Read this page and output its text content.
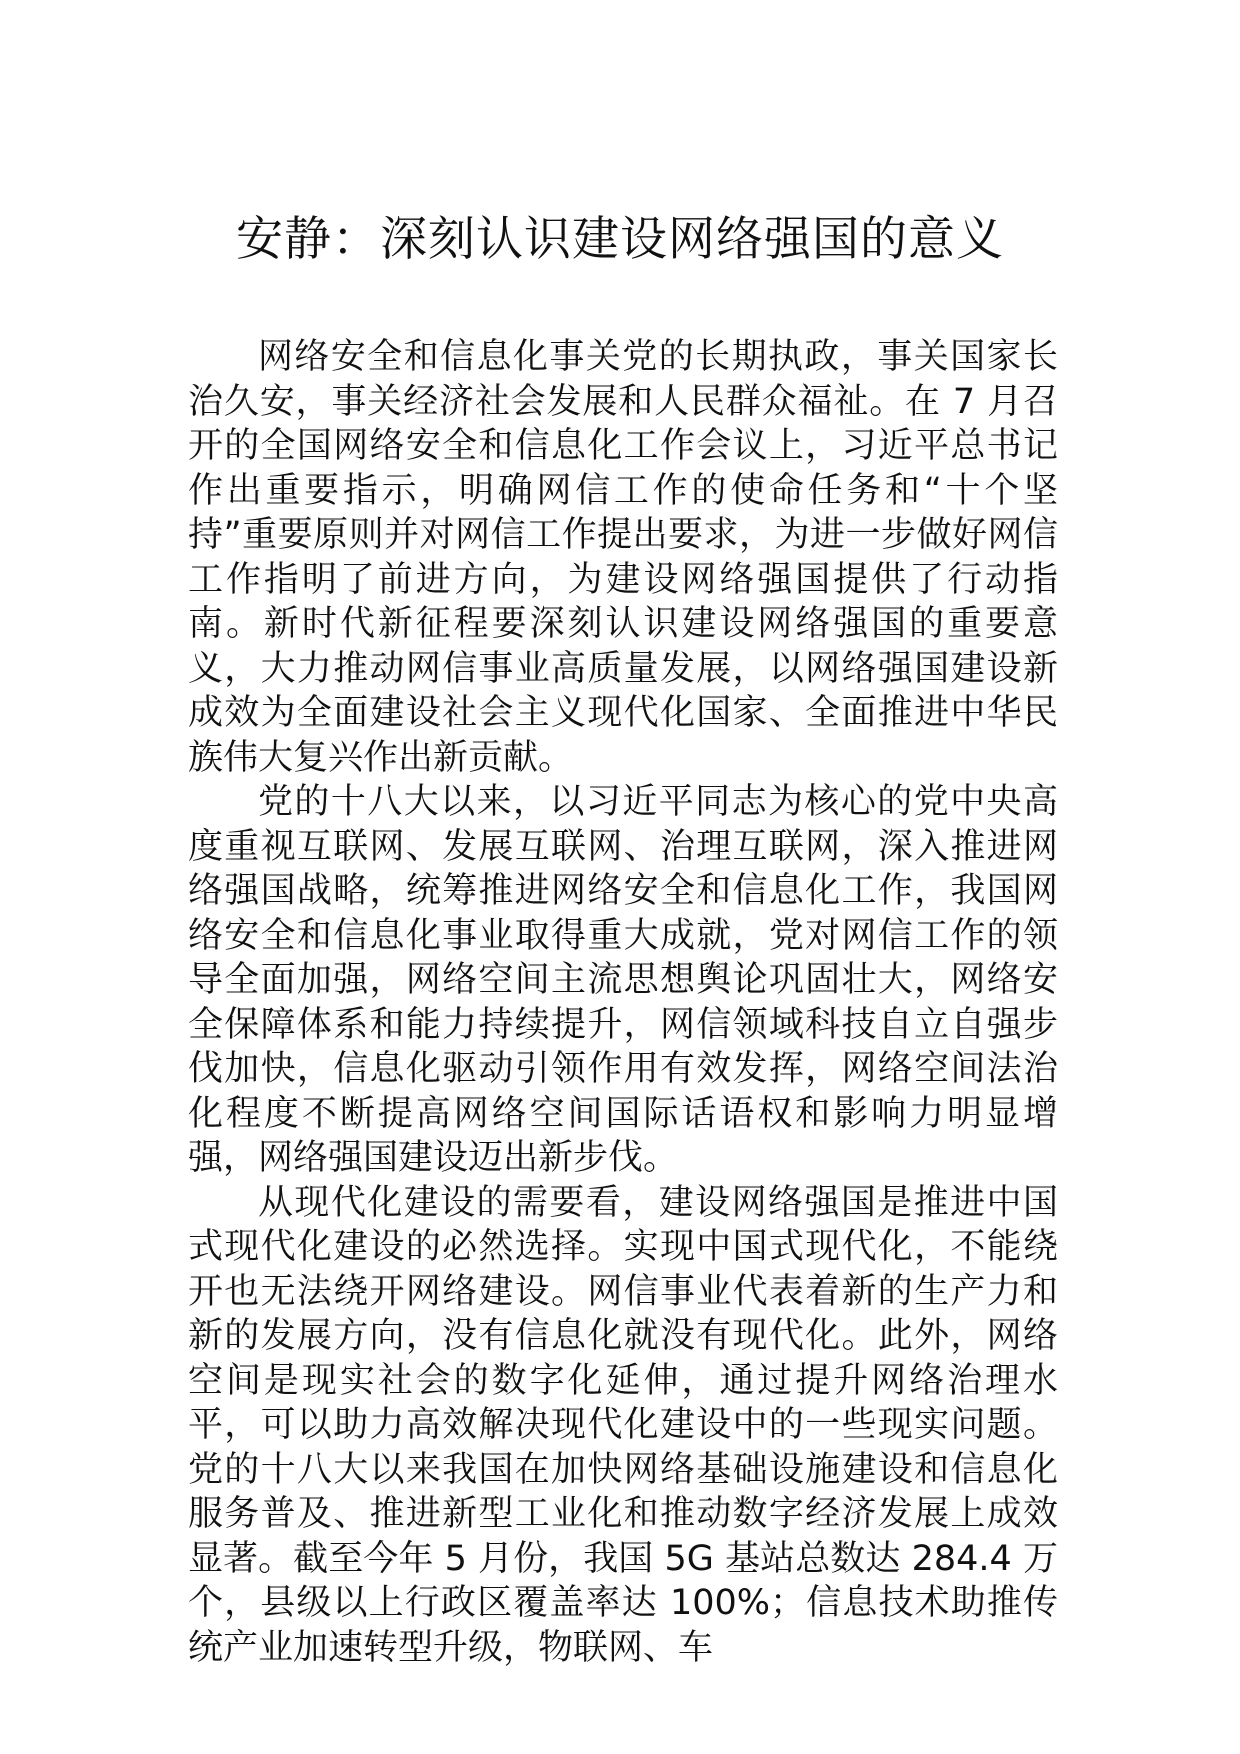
安静：深刻认识建设网络强国的意义

网络安全和信息化事关党的长期执政，事关国家长治久安，事关经济社会发展和人民群众福祉。在 7 月召开的全国网络安全和信息化工作会议上，习近平总书记作出重要指示，明确网信工作的使命任务和“十个坚持”重要原则并对网信工作提出要求，为进一步做好网信工作指明了前进方向，为建设网络强国提供了行动指南。新时代新征程要深刻认识建设网络强国的重要意义，大力推动网信事业高质量发展，以网络强国建设新成效为全面建设社会主义现代化国家、全面推进中华民族伟大复兴作出新贡献。

党的十八大以来，以习近平同志为核心的党中央高度重视互联网、发展互联网、治理互联网，深入推进网络强国战略，统筹推进网络安全和信息化工作，我国网络安全和信息化事业取得重大成就，党对网信工作的领导全面加强，网络空间主流思想舆论巩固壮大，网络安全保障体系和能力持续提升，网信领域科技自立自强步伐加快，信息化驱动引领作用有效发挥，网络空间法治化程度不断提高网络空间国际话语权和影响力明显增强，网络强国建设迈出新步伐。

从现代化建设的需要看，建设网络强国是推进中国式现代化建设的必然选择。实现中国式现代化，不能绕开也无法绕开网络建设。网信事业代表着新的生产力和新的发展方向，没有信息化就没有现代化。此外，网络空间是现实社会的数字化延伸，通过提升网络治理水平，可以助力高效解决现代化建设中的一些现实问题。党的十八大以来我国在加快网络基础设施建设和信息化服务普及、推进新型工业化和推动数字经济发展上成效显著。截至今年 5 月份，我国 5G 基站总数达 284.4 万个，县级以上行政区覆盖率达 100%；信息技术助推传统产业加速转型升级，物联网、车
